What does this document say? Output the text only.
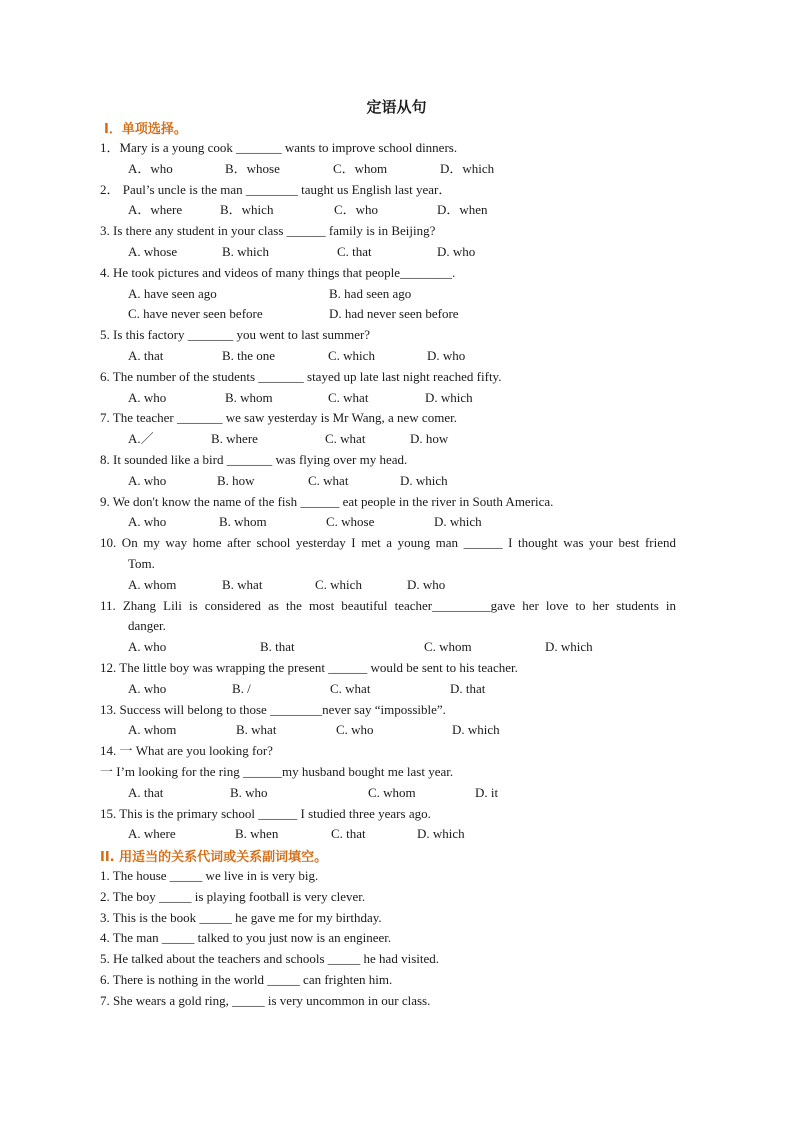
定语从句
I．单项选择。
1．Mary is a young cook _______ wants to improve school dinners.
A．who	B．whose	C．whom	D．which
2． Paul’s uncle is the man ________ taught us English last year．
A．where	B．which	C．who	D．when
3. Is there any student in your class ______ family is in Beijing?
A. whose	B. which	C. that	D. who
4. He took pictures and videos of many things that people________.
A. have seen ago	B. had seen ago
C. have never seen before	D. had never seen before
5. Is this factory _______ you went to last summer?
A. that	B. the one	C. which	D. who
6. The number of the students _______ stayed up late last night reached fifty.
A. who	B. whom	C. what	D. which
7. The teacher _______ we saw yesterday is Mr Wang, a new comer.
A.／	B. where	C. what	D. how
8. It sounded like a bird _______ was flying over my head.
A. who	B. how	C. what	D. which
9. We don't know the name of the fish ______ eat people in the river in South America.
A. who	B. whom	C. whose	D. which
10. On my way home after school yesterday I met a young man ______ I thought was your best friend
Tom.
A. whom	B. what	C. which	D. who
11. Zhang Lili is considered as the most beautiful teacher_________gave her love to her students in
danger.
A. who	B. that	C. whom	D. which
12. The little boy was wrapping the present ______ would be sent to his teacher.
A. who	B. /	C. what	D. that
13. Success will belong to those ________never say “impossible”.
A. whom	B. what	C. who	D. which
14. 一 What are you looking for?
一 I’m looking for the ring ______my husband bought me last year.
A. that	B. who	C. whom	D. it
15. This is the primary school ______ I studied three years ago.
A. where	B. when	C. that	D. which
II. 用适当的关系代词或关系副词填空。
1. The house _____ we live in is very big.
2. The boy _____ is playing football is very clever.
3. This is the book _____ he gave me for my birthday.
4. The man _____ talked to you just now is an engineer.
5. He talked about the teachers and schools _____ he had visited.
6. There is nothing in the world _____ can frighten him.
7. She wears a gold ring, _____ is very uncommon in our class.
